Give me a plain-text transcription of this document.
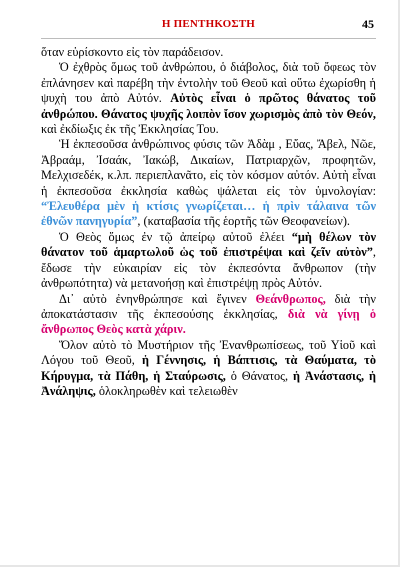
Η ΠΕΝΤΗΚΟΣΤΗ	45

ὅταν εὑρίσκοντο εἰς τὸν παράδεισον.

Ὁ ἐχθρὸς ὅμως τοῦ ἀνθρώπου, ὁ διάβολος, διὰ τοῦ ὄφεως τὸν ἐπλάνησεν καὶ παρέβη τὴν ἐντολὴν τοῦ Θεοῦ καὶ οὕτω ἐχωρίσθη ἡ ψυχὴ του ἀπὸ Αὐτόν. Αὐτὸς εἶναι ὁ πρῶτος θάνατος τοῦ ἀνθρώπου. Θάνατος ψυχῆς λοιπὸν ἴσον χωρισμὸς ἀπὸ τὸν Θεόν, καὶ ἐκδίωξις ἐκ τῆς Ἐκκλησίας Του.

Ἡ ἐκπεσοῦσα ἀνθρώπινος φύσις τῶν Ἀδὰμ , Εὔας, Ἄβελ, Νῶε, Ἀβραάμ, Ἰσαάκ, Ἰακώβ, Δικαίων, Πατριαρχῶν, προφητῶν, Μελχισεδέκ, κ.λπ. περιεπλανᾶτο, εἰς τὸν κόσμον αὐτόν. Αὐτὴ εἶναι ἡ ἐκπεσοῦσα ἐκκλησία καθὼς ψάλεται εἰς τὸν ὑμνολογίαν: “Ἐλευθέρα μὲν ἡ κτίσις γνωρίζεται… ἡ πρὶν τάλαινα τῶν ἐθνῶν πανηγυρία”, (καταβασία τῆς ἑορτῆς τῶν Θεοφανείων).

Ὁ Θεὸς ὅμως ἐν τῷ ἀπείρῳ αὐτοῦ ἐλέει “μὴ θέλων τὸν θάνατον τοῦ ἁμαρτωλοῦ ὡς τοῦ ἐπιστρέψαι καὶ ζεῖν αὐτὸν”, ἔδωσε τὴν εὐκαιρίαν εἰς τὸν ἐκπεσόντα ἄνθρωπον (τὴν ἀνθρωπότητα) νὰ μετανοήσῃ καὶ ἐπιστρέψῃ πρὸς Αὐτόν.

Δι᾿ αὐτὸ ἐνηνθρώπησε καὶ ἔγινεν Θεάνθρωπος, διὰ τὴν ἀποκατάστασιν τῆς ἐκπεσούσης ἐκκλησίας, διὰ νὰ γίνῃ ὁ ἄνθρωπος Θεὸς κατὰ χάριν.

Ὅλον αὐτὸ τὸ Μυστήριον τῆς Ἐνανθρωπίσεως, τοῦ Υἱοῦ καὶ Λόγου τοῦ Θεοῦ, ἡ Γέννησις, ἡ Βάπτισις, τὰ Θαύματα, τὸ Κήρυγμα, τὰ Πάθη, ἡ Σταύρωσις, ὁ Θάνατος, ἡ Ἀνάστασις, ἡ Ἀνάληψις, ὁλοκληρωθὲν καὶ τελειωθὲν
